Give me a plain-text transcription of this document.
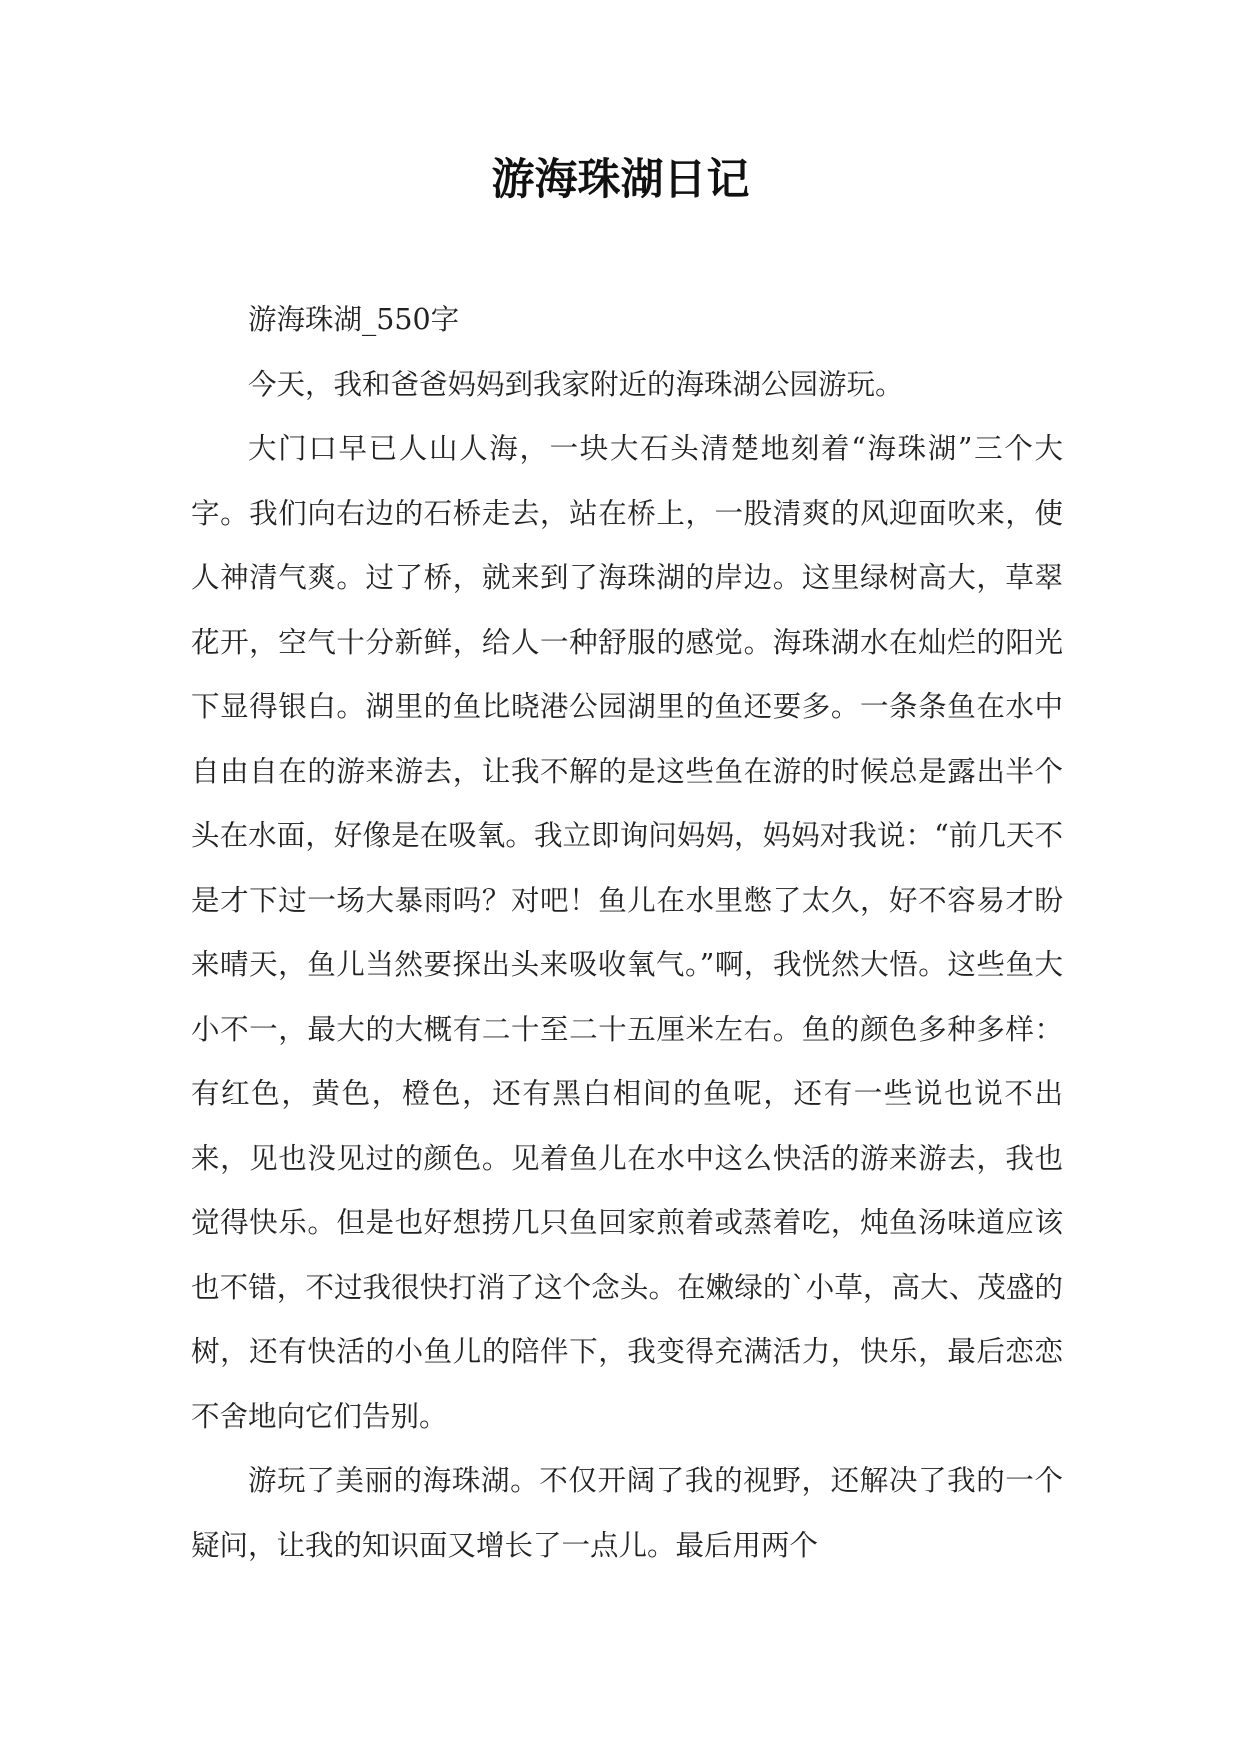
游海珠湖日记

游海珠湖_550字

今天，我和爸爸妈妈到我家附近的海珠湖公园游玩。

大门口早已人山人海，一块大石头清楚地刻着“海珠湖”三个大字。我们向右边的石桥走去，站在桥上，一股清爽的风迎面吹来，使人神清气爽。过了桥，就来到了海珠湖的岸边。这里绿树高大，草翠花开，空气十分新鲜，给人一种舒服的感觉。海珠湖水在灿烂的阳光下显得银白。湖里的鱼比晓港公园湖里的鱼还要多。一条条鱼在水中自由自在的游来游去，让我不解的是这些鱼在游的时候总是露出半个头在水面，好像是在吸氧。我立即询问妈妈，妈妈对我说：“前几天不是才下过一场大暴雨吗？对吧！鱼儿在水里憋了太久，好不容易才盼来晴天，鱼儿当然要探出头来吸收氧气。”啊，我恍然大悟。这些鱼大小不一，最大的大概有二十至二十五厘米左右。鱼的颜色多种多样：有红色，黄色，橙色，还有黑白相间的鱼呢，还有一些说也说不出来，见也没见过的颜色。见着鱼儿在水中这么快活的游来游去，我也觉得快乐。但是也好想捞几只鱼回家煎着或蒸着吃，炖鱼汤味道应该也不错，不过我很快打消了这个念头。在嫩绿的`小草，高大、茂盛的树，还有快活的小鱼儿的陪伴下，我变得充满活力，快乐，最后恋恋不舍地向它们告别。

游玩了美丽的海珠湖。不仅开阔了我的视野，还解决了我的一个疑问，让我的知识面又增长了一点儿。最后用两个
